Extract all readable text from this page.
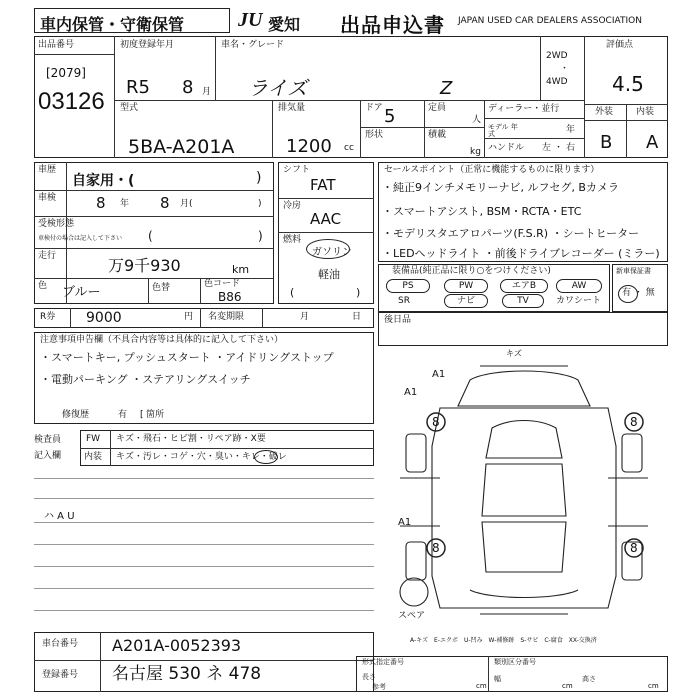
車内保管・守衛保管	JU 愛知 出品申込書 JAPAN USED CAR DEALERS ASSOCIATION
出品番号
[2079]
03126
初度登録年月
R5 8 月
車名・グレード
ライズ	Z
2WD
・
4WD
評価点
4.5
型式
5BA-A201A
排気量
1200 cc
ドア 5	定員
人
形状	積載
kg
ディーラー・並行
モデル 年式	年
ハンドル 左 ・ 右
外装	内装
B A
車歴
自家用・(	)
車検	8 年 8 月(	)
受検形態
車検付の場合は記入して下さい (	)
走行	万9千930	km
色 ブルー	色替	色コード
B86
シフト
FAT
冷房
AAC
燃料
ガソリン
軽油
(	)
セールスポイント（正常に機能するものに限ります）
・純正9インチメモリーナビ, ルフセグ, Bカメラ
・スマートアシスト, BSM・RCTA・ETC
・モデリスタエアロパーツ(F.S.R) ・シートヒーター
・LEDヘッドライト ・前後ドライブレコーダー (ミラー)
装備品(純正品に限り○をつけください)
PS	PW	エアB	AW
SR	ナビ	TV	カワシート
新車保証書
有 ・ 無
R券 9000	円 名変期限	月	日	後日品
注意事項申告欄（不具合内容等は具体的に記入して下さい）
・スマートキー, プッシュスタート ・アイドリングストップ
・電動パーキング ・ステアリングスイッチ
修復歴	有 [ 箇所
検査員
記入欄
FW キズ・飛石・ヒビ割・リペア跡・X要
内装 キズ・汚レ・コゲ・穴・臭い・キレ・破レ
ハ A U
A1
A1
A1
キズ
8	8
8	8
スペア
A-キズ　E-エクボ　U-凹み　W-補修跡　S-サビ　C-腐食　XX-交換済
車台番号 A201A-0052393
登録番号 名古屋 530 ネ 478
形式指定番号	類別区分番号
長さ
参考	cm
幅
cm
高さ
cm
